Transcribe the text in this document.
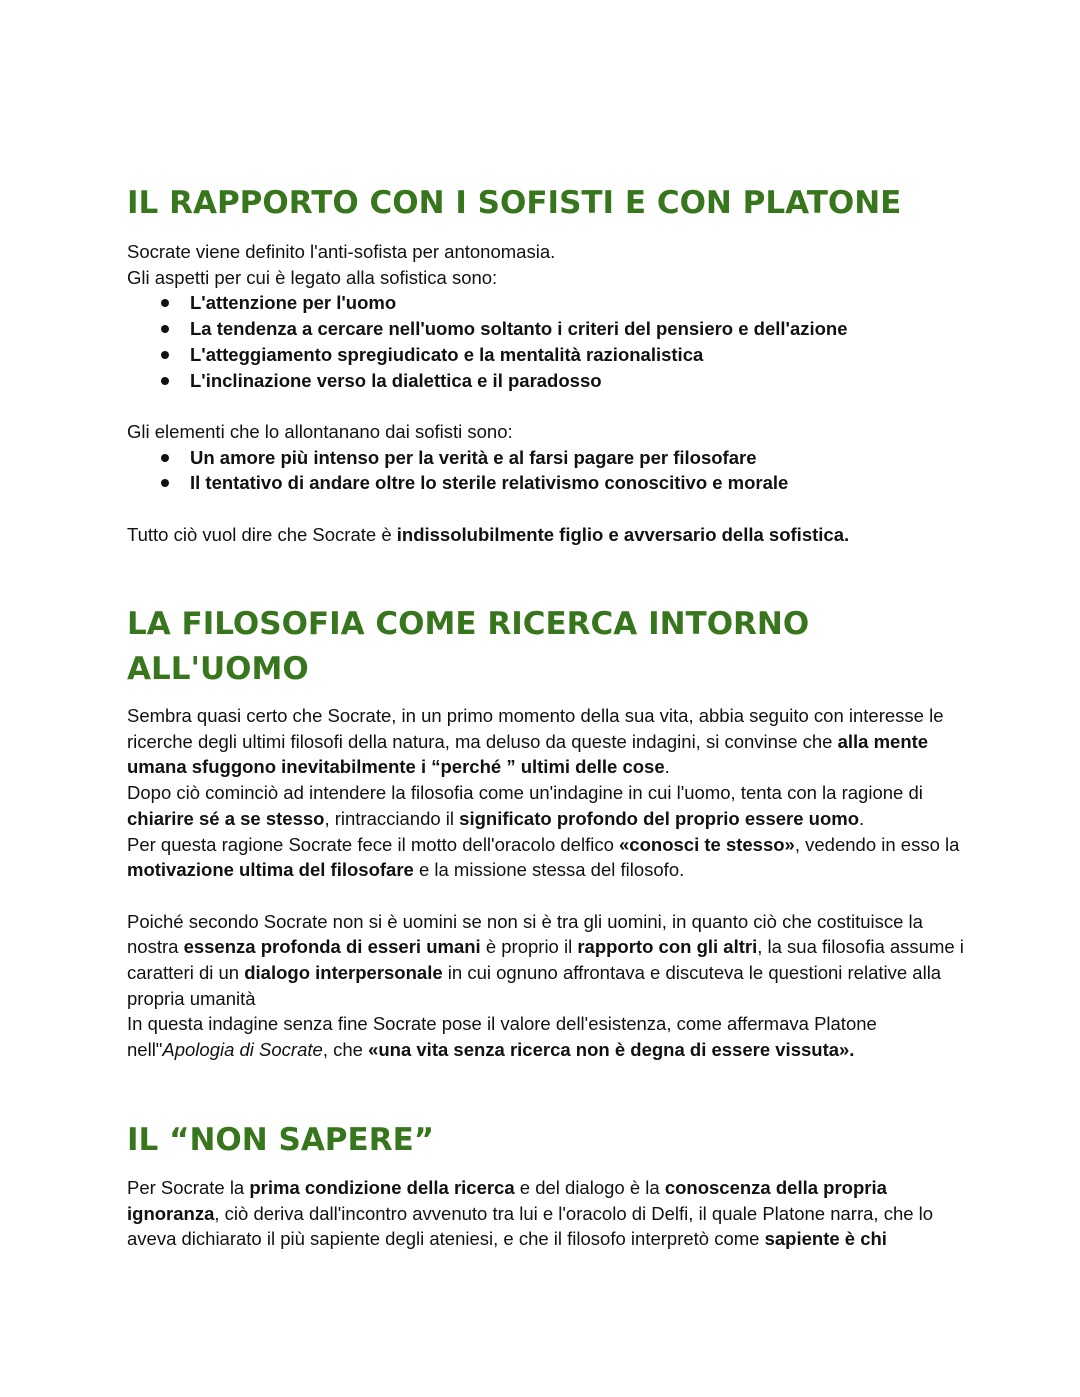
IL RAPPORTO CON I SOFISTI E CON PLATONE

Socrate viene definito l'anti-sofista per antonomasia.

Gli aspetti per cui è legato alla sofistica sono:

L'attenzione per l'uomo
La tendenza a cercare nell'uomo soltanto i criteri del pensiero e dell'azione
L'atteggiamento spregiudicato e la mentalità razionalistica
L'inclinazione verso la dialettica e il paradosso

Gli elementi che lo allontanano dai sofisti sono:

Un amore più intenso per la verità e al farsi pagare per filosofare
Il tentativo di andare oltre lo sterile relativismo conoscitivo e morale

Tutto ciò vuol dire che Socrate è indissolubilmente figlio e avversario della sofistica.

LA FILOSOFIA COME RICERCA INTORNO
ALL'UOMO

Sembra quasi certo che Socrate, in un primo momento della sua vita, abbia seguito con interesse le ricerche degli ultimi filosofi della natura, ma deluso da queste indagini, si convinse che alla mente umana sfuggono inevitabilmente i “perché ” ultimi delle cose.

Dopo ciò cominciò ad intendere la filosofia come un'indagine in cui l'uomo, tenta con la ragione di chiarire sé a se stesso, rintracciando il significato profondo del proprio essere uomo.

Per questa ragione Socrate fece il motto dell'oracolo delfico «conosci te stesso», vedendo in esso la motivazione ultima del filosofare e la missione stessa del filosofo.

Poiché secondo Socrate non si è uomini se non si è tra gli uomini, in quanto ciò che costituisce la nostra essenza profonda di esseri umani è proprio il rapporto con gli altri, la sua filosofia assume i caratteri di un dialogo interpersonale in cui ognuno affrontava e discuteva le questioni relative alla propria umanità

In questa indagine senza fine Socrate pose il valore dell'esistenza, come affermava Platone nell"Apologia di Socrate, che «una vita senza ricerca non è degna di essere vissuta».

IL “NON SAPERE”

Per Socrate la prima condizione della ricerca e del dialogo è la conoscenza della propria ignoranza, ciò deriva dall'incontro avvenuto tra lui e l'oracolo di Delfi, il quale Platone narra, che lo aveva dichiarato il più sapiente degli ateniesi, e che il filosofo interpretò come sapiente è chi
